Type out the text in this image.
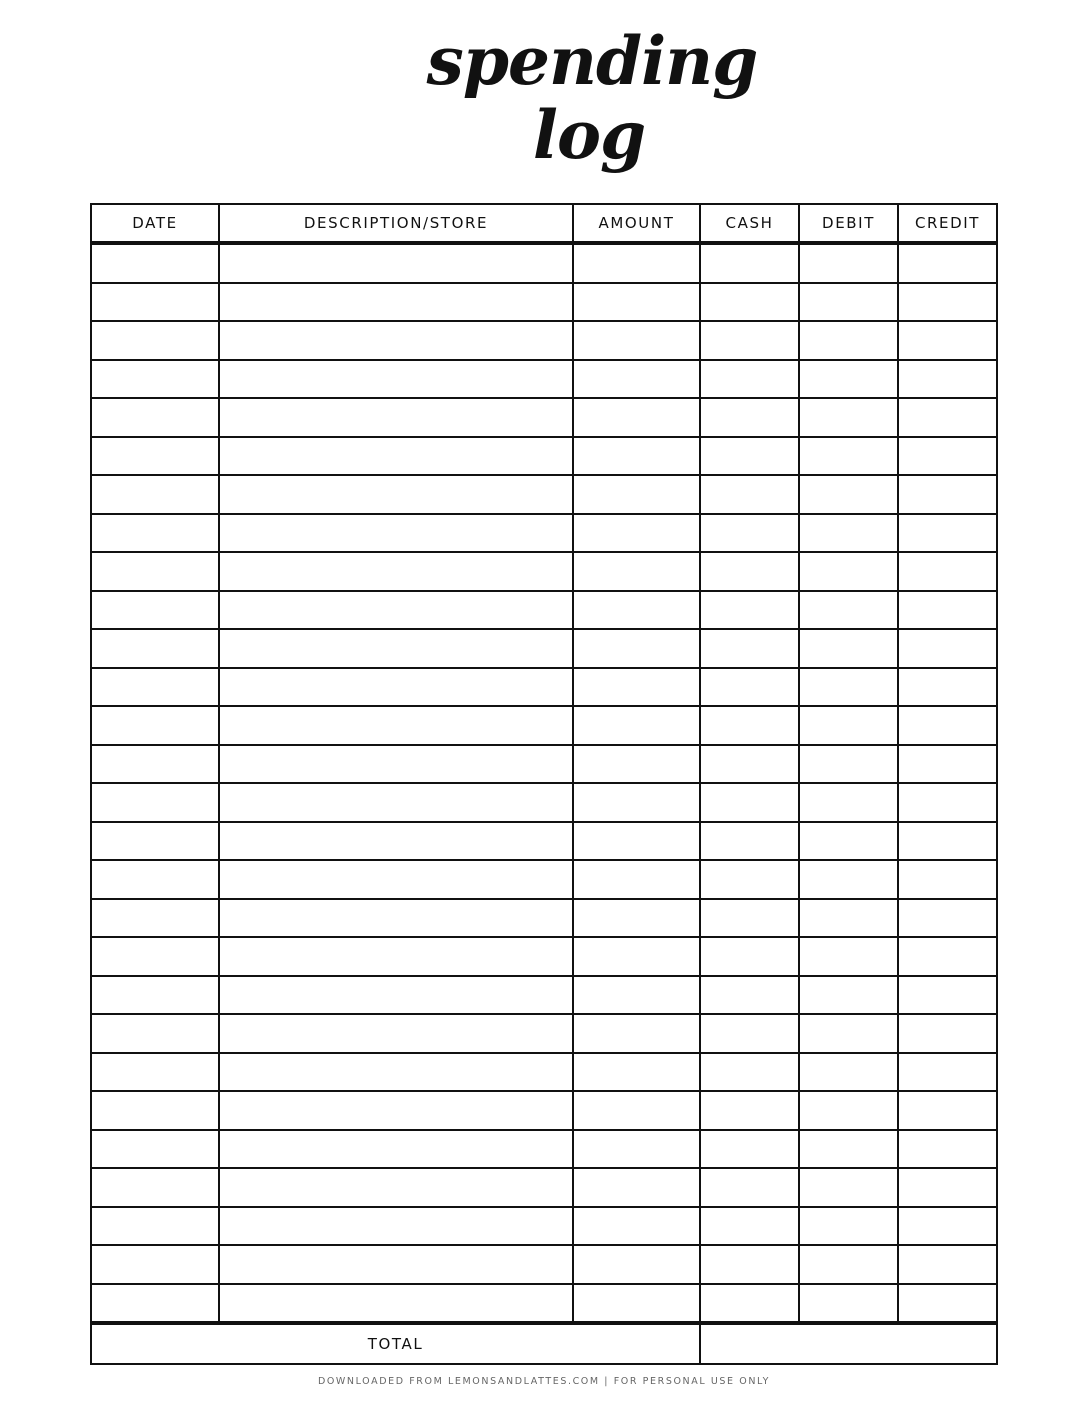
spending
log
DATE	DESCRIPTION/STORE	AMOUNT	CASH	DEBIT	CREDIT

TOTAL					
DOWNLOADED FROM LEMONSANDLATTES.COM | FOR PERSONAL USE ONLY
